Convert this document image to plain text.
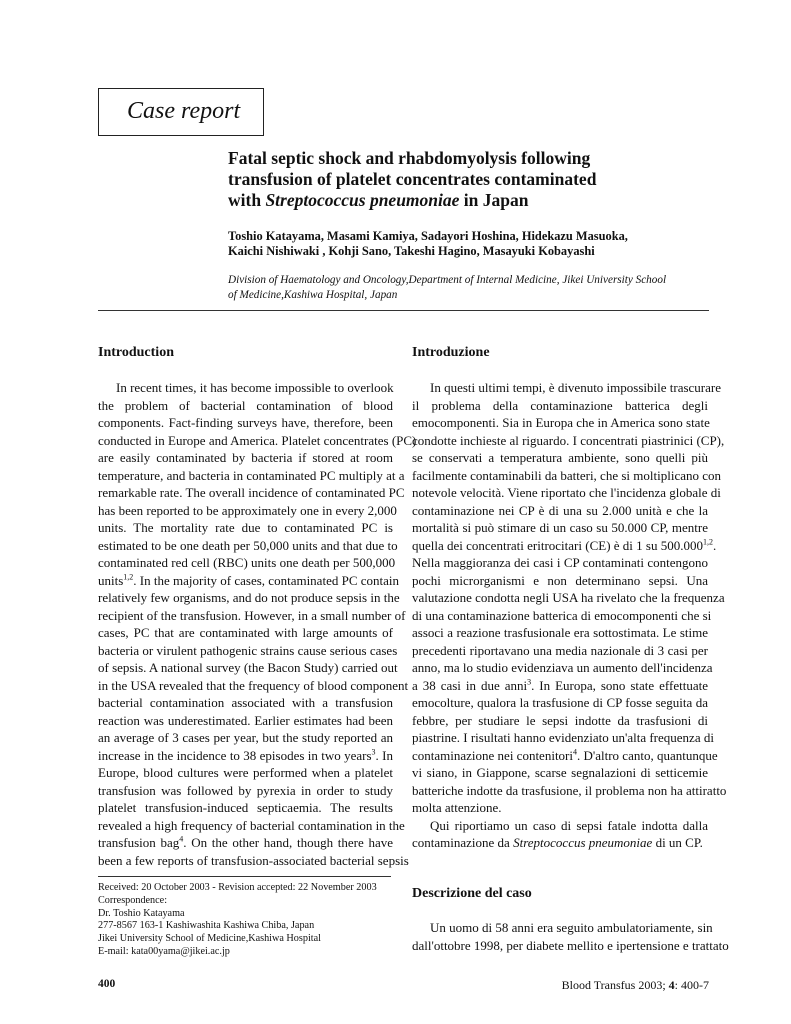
Case report
Fatal septic shock and rhabdomyolysis following
transfusion of platelet concentrates contaminated
with Streptococcus pneumoniae in Japan
Toshio Katayama, Masami Kamiya, Sadayori Hoshina, Hidekazu Masuoka,
Kaichi Nishiwaki , Kohji Sano, Takeshi Hagino, Masayuki Kobayashi
Division of Haematology and Oncology,Department of Internal Medicine, Jikei University School
of Medicine,Kashiwa Hospital, Japan
Introduction
In recent times, it has become impossible to overlook
the problem of bacterial contamination of blood
components. Fact-finding surveys have, therefore, been
conducted in Europe and America. Platelet concentrates (PC)
are easily contaminated by bacteria if stored at room
temperature, and bacteria in contaminated PC multiply at a
remarkable rate. The overall incidence of contaminated PC
has been reported to be approximately one in every 2,000
units. The mortality rate due to contaminated PC is
estimated to be one death per 50,000 units and that due to
contaminated red cell (RBC) units one death per 500,000
units$^{1,2}$. In the majority of cases, contaminated PC contain
relatively few organisms, and do not produce sepsis in the
recipient of the transfusion. However, in a small number of
cases, PC that are contaminated with large amounts of
bacteria or virulent pathogenic strains cause serious cases
of sepsis. A national survey (the Bacon Study) carried out
in the USA revealed that the frequency of blood component
bacterial contamination associated with a transfusion
reaction was underestimated. Earlier estimates had been
an average of 3 cases per year, but the study reported an
increase in the incidence to 38 episodes in two years$^3$. In
Europe, blood cultures were performed when a platelet
transfusion was followed by pyrexia in order to study
platelet transfusion-induced septicaemia. The results
revealed a high frequency of bacterial contamination in the
transfusion bag$^4$. On the other hand, though there have
been a few reports of transfusion-associated bacterial sepsis
Introduzione
In questi ultimi tempi, è divenuto impossibile trascurare
il problema della contaminazione batterica degli
emocomponenti. Sia in Europa che in America sono state
condotte inchieste al riguardo. I concentrati piastrinici (CP),
se conservati a temperatura ambiente, sono quelli più
facilmente contaminabili da batteri, che si moltiplicano con
notevole velocità. Viene riportato che l'incidenza globale di
contaminazione nei CP è di una su 2.000 unità e che la
mortalità si può stimare di un caso su 50.000 CP, mentre
quella dei concentrati eritrocitari (CE) è di 1 su 500.000$^{1,2}$.
Nella maggioranza dei casi i CP contaminati contengono
pochi microrganismi e non determinano sepsi. Una
valutazione condotta negli USA ha rivelato che la frequenza
di una contaminazione batterica di emocomponenti che si
associ a reazione trasfusionale era sottostimata. Le stime
precedenti riportavano una media nazionale di 3 casi per
anno, ma lo studio evidenziava un aumento dell'incidenza
a 38 casi in due anni$^3$. In Europa, sono state effettuate
emocolture, qualora la trasfusione di CP fosse seguita da
febbre, per studiare le sepsi indotte da trasfusioni di
piastrine. I risultati hanno evidenziato un'alta frequenza di
contaminazione nei contenitori$^4$. D'altro canto, quantunque
vi siano, in Giappone, scarse segnalazioni di setticemie
batteriche indotte da trasfusione, il problema non ha attiratto
molta attenzione.
Qui riportiamo un caso di sepsi fatale indotta dalla
contaminazione da Streptococcus pneumoniae di un CP.
Descrizione del caso
Un uomo di 58 anni era seguito ambulatoriamente, sin
dall'ottobre 1998, per diabete mellito e ipertensione e trattato
Received: 20 October 2003 - Revision accepted: 22 November 2003
Correspondence:
Dr. Toshio Katayama
277-8567 163-1 Kashiwashita Kashiwa Chiba, Japan
Jikei University School of Medicine,Kashiwa Hospital
E-mail: kata00yama@jikei.ac.jp
400	Blood Transfus 2003; 4: 400-7
